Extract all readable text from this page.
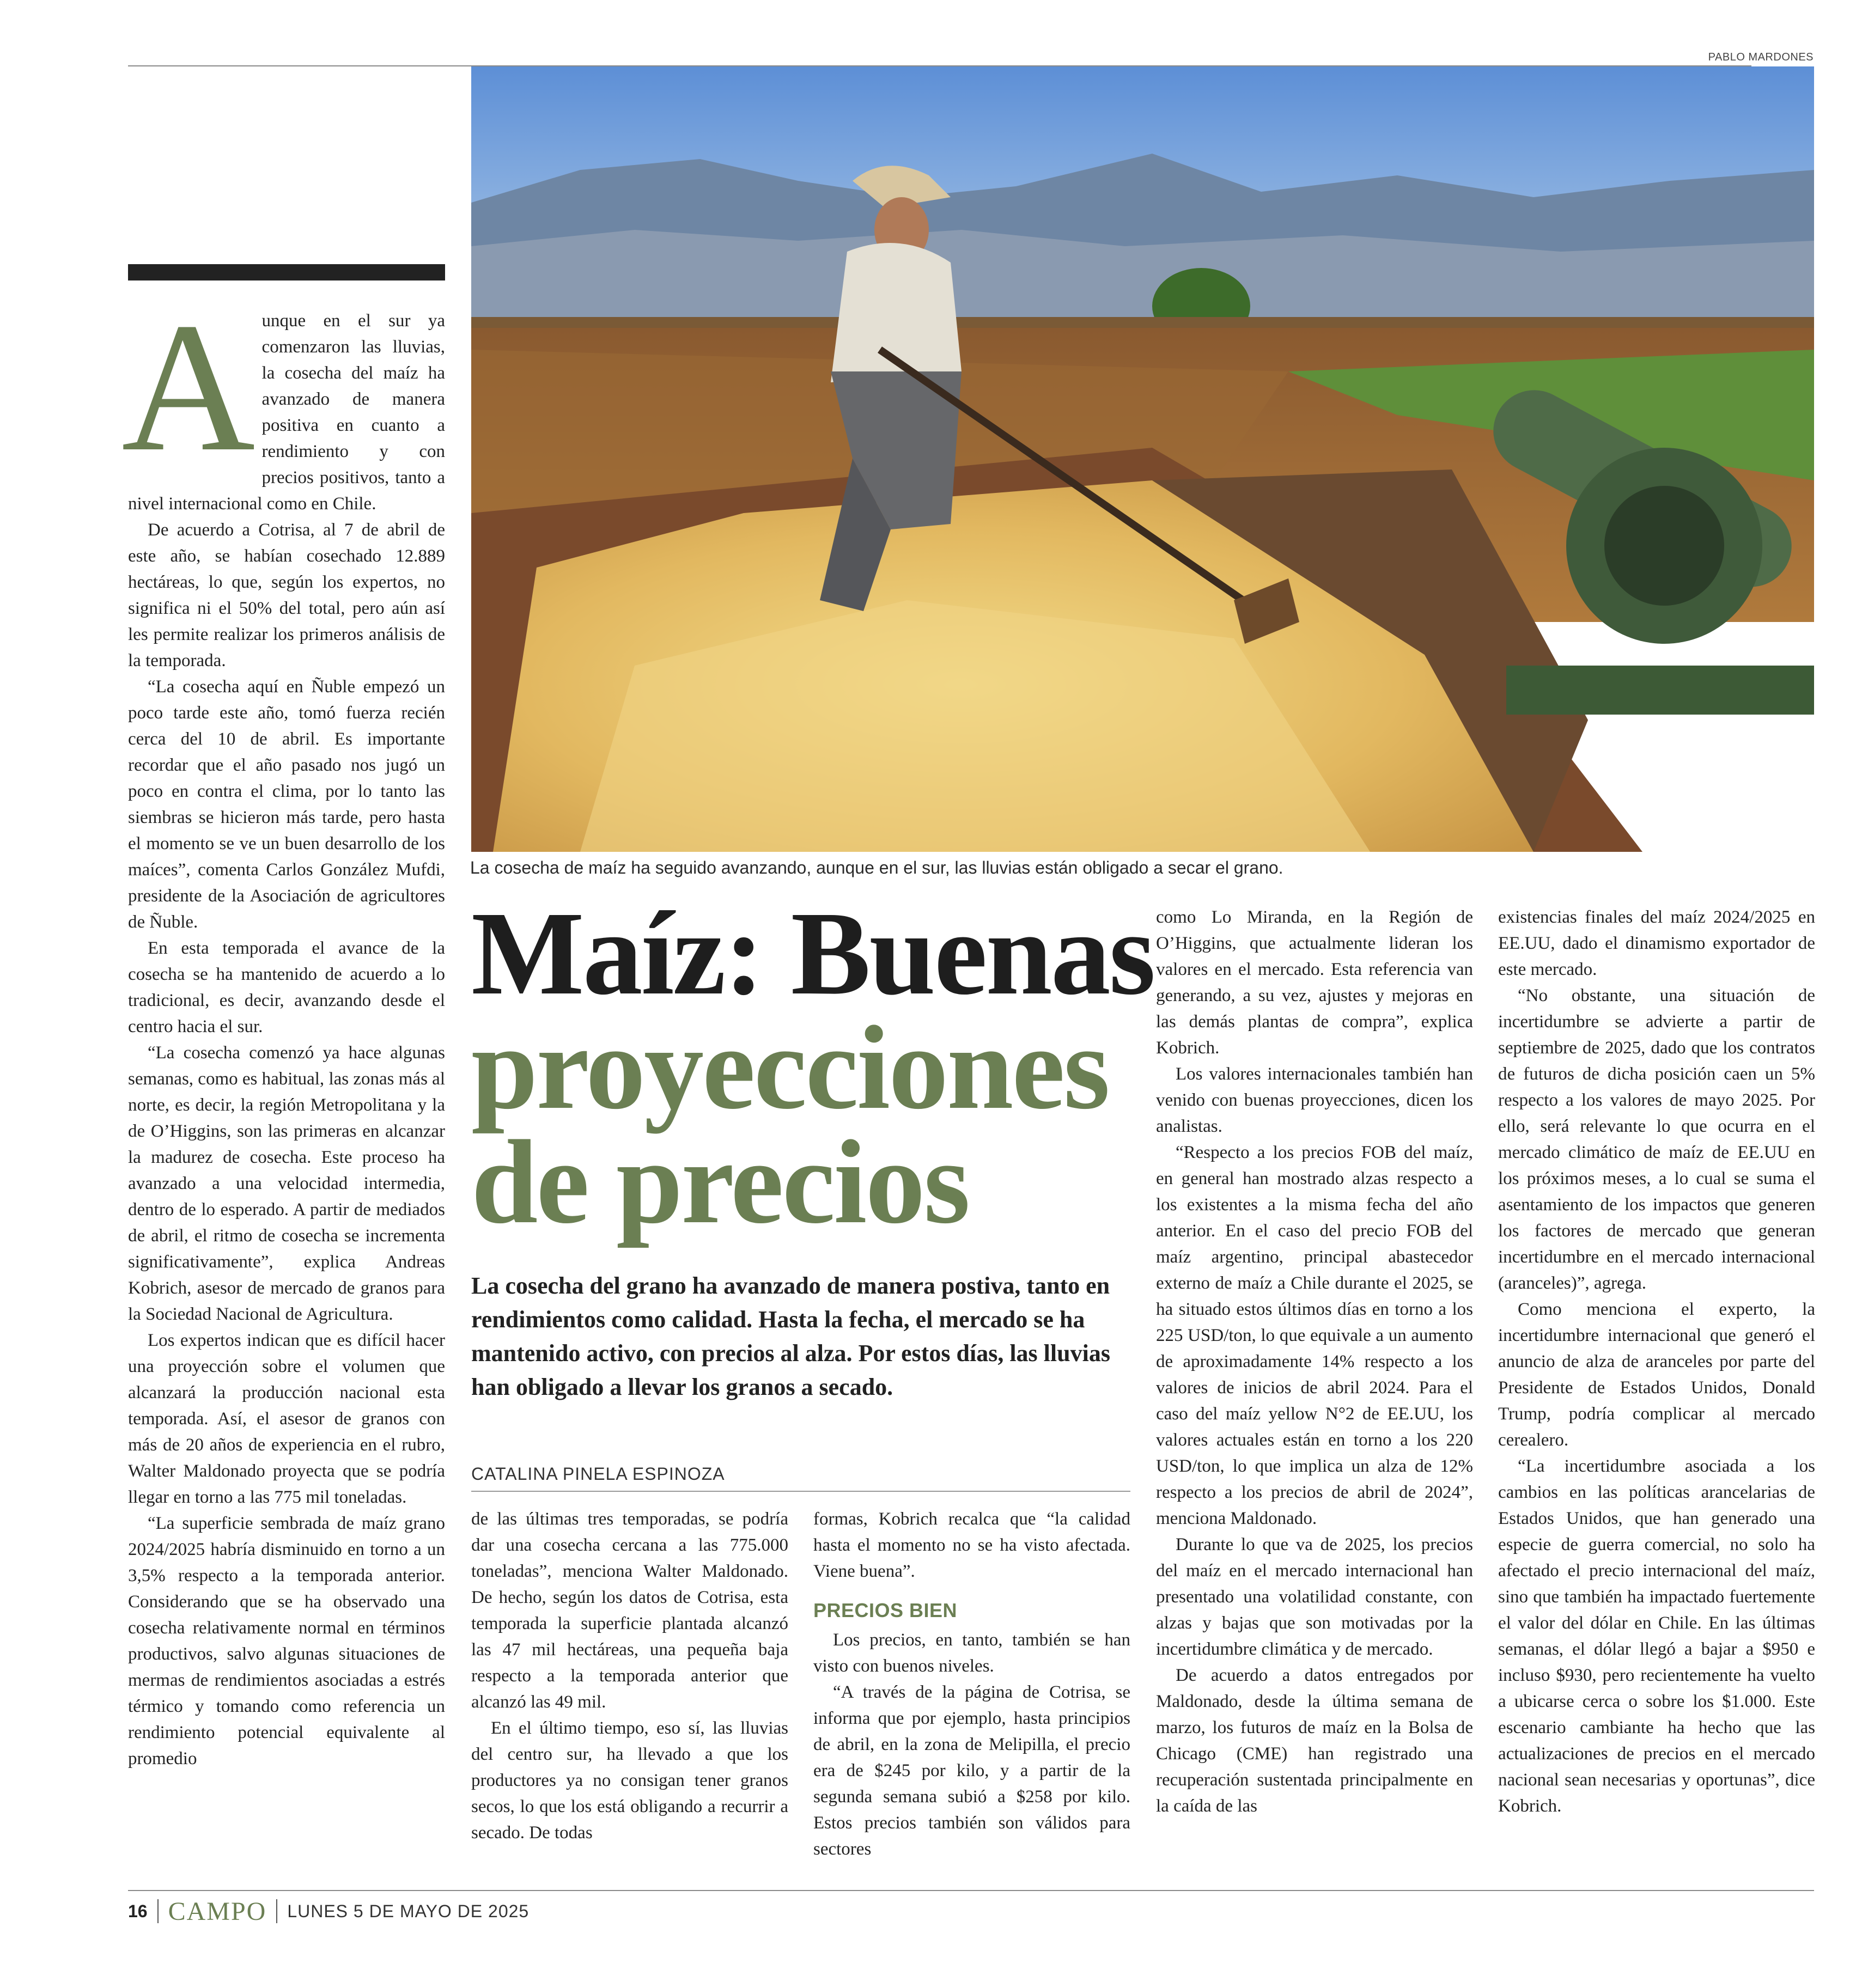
PABLO MARDONES
La cosecha de maíz ha seguido avanzando, aunque en el sur, las lluvias están obligado a secar el grano.

Aunque en el sur ya comenzaron las lluvias, la cosecha del maíz ha avanzado de manera positiva en cuanto a rendimiento y con precios positivos, tanto a nivel internacional como en Chile.

De acuerdo a Cotrisa, al 7 de abril de este año, se habían cosechado 12.889 hectáreas, lo que, según los expertos, no significa ni el 50% del total, pero aún así les permite realizar los primeros análisis de la temporada.

“La cosecha aquí en Ñuble empezó un poco tarde este año, tomó fuerza recién cerca del 10 de abril. Es importante recordar que el año pasado nos jugó un poco en contra el clima, por lo tanto las siembras se hicieron más tarde, pero hasta el momento se ve un buen desarrollo de los maíces”, comenta Carlos González Mufdi, presidente de la Asociación de agricultores de Ñuble.

En esta temporada el avance de la cosecha se ha mantenido de acuerdo a lo tradicional, es decir, avanzando desde el centro hacia el sur.

“La cosecha comenzó ya hace algunas semanas, como es habitual, las zonas más al norte, es decir, la región Metropolitana y la de O’Higgins, son las primeras en alcanzar la madurez de cosecha. Este proceso ha avanzado a una velocidad intermedia, dentro de lo esperado. A partir de mediados de abril, el ritmo de cosecha se incrementa significativamente”, explica Andreas Kobrich, asesor de mercado de granos para la Sociedad Nacional de Agricultura.

Los expertos indican que es difícil hacer una proyección sobre el volumen que alcanzará la producción nacional esta temporada. Así, el asesor de granos con más de 20 años de experiencia en el rubro, Walter Maldonado proyecta que se podría llegar en torno a las 775 mil toneladas.

“La superficie sembrada de maíz grano 2024/2025 habría disminuido en torno a un 3,5% respecto a la temporada anterior. Considerando que se ha observado una cosecha relativamente normal en términos productivos, salvo algunas situaciones de mermas de rendimientos asociadas a estrés térmico y tomando como referencia un rendimiento potencial equivalente al promedio

Maíz: Buenas
proyecciones
de precios
La cosecha del grano ha avanzado de manera postiva, tanto en rendimientos como calidad. Hasta la fecha, el mercado se ha mantenido activo, con precios al alza. Por estos días, las lluvias han obligado a llevar los granos a secado.
CATALINA PINELA ESPINOZA

de las últimas tres temporadas, se podría dar una cosecha cercana a las 775.000 toneladas”, menciona Walter Maldonado. De hecho, según los datos de Cotrisa, esta temporada la superficie plantada alcanzó las 47 mil hectáreas, una pequeña baja respecto a la temporada anterior que alcanzó las 49 mil.

En el último tiempo, eso sí, las lluvias del centro sur, ha llevado a que los productores ya no consigan tener granos secos, lo que los está obligando a recurrir a secado. De todas

formas, Kobrich recalca que “la calidad hasta el momento no se ha visto afectada. Viene buena”.

PRECIOS BIEN

Los precios, en tanto, también se han visto con buenos niveles.

“A través de la página de Cotrisa, se informa que por ejemplo, hasta principios de abril, en la zona de Melipilla, el precio era de $245 por kilo, y a partir de la segunda semana subió a $258 por kilo. Estos precios también son válidos para sectores

como Lo Miranda, en la Región de O’Higgins, que actualmente lideran los valores en el mercado. Esta referencia van generando, a su vez, ajustes y mejoras en las demás plantas de compra”, explica Kobrich.

Los valores internacionales también han venido con buenas proyecciones, dicen los analistas.

“Respecto a los precios FOB del maíz, en general han mostrado alzas respecto a los existentes a la misma fecha del año anterior. En el caso del precio FOB del maíz argentino, principal abastecedor externo de maíz a Chile durante el 2025, se ha situado estos últimos días en torno a los 225 USD/ton, lo que equivale a un aumento de aproximadamente 14% respecto a los valores de inicios de abril 2024. Para el caso del maíz yellow N°2 de EE.UU, los valores actuales están en torno a los 220 USD/ton, lo que implica un alza de 12% respecto a los precios de abril de 2024”, menciona Maldonado.

Durante lo que va de 2025, los precios del maíz en el mercado internacional han presentado una volatilidad constante, con alzas y bajas que son motivadas por la incertidumbre climática y de mercado.

De acuerdo a datos entregados por Maldonado, desde la última semana de marzo, los futuros de maíz en la Bolsa de Chicago (CME) han registrado una recuperación sustentada principalmente en la caída de las

existencias finales del maíz 2024/2025 en EE.UU, dado el dinamismo exportador de este mercado.

“No obstante, una situación de incertidumbre se advierte a partir de septiembre de 2025, dado que los contratos de futuros de dicha posición caen un 5% respecto a los valores de mayo 2025. Por ello, será relevante lo que ocurra en el mercado climático de maíz de EE.UU en los próximos meses, a lo cual se suma el asentamiento de los impactos que generen los factores de mercado que generan incertidumbre en el mercado internacional (aranceles)”, agrega.

Como menciona el experto, la incertidumbre internacional que generó el anuncio de alza de aranceles por parte del Presidente de Estados Unidos, Donald Trump, podría complicar al mercado cerealero.

“La incertidumbre asociada a los cambios en las políticas arancelarias de Estados Unidos, que han generado una especie de guerra comercial, no solo ha afectado el precio internacional del maíz, sino que también ha impactado fuertemente el valor del dólar en Chile. En las últimas semanas, el dólar llegó a bajar a $950 e incluso $930, pero recientemente ha vuelto a ubicarse cerca o sobre los $1.000. Este escenario cambiante ha hecho que las actualizaciones de precios en el mercado nacional sean necesarias y oportunas”, dice Kobrich.

16 CAMPO LUNES 5 DE MAYO DE 2025
